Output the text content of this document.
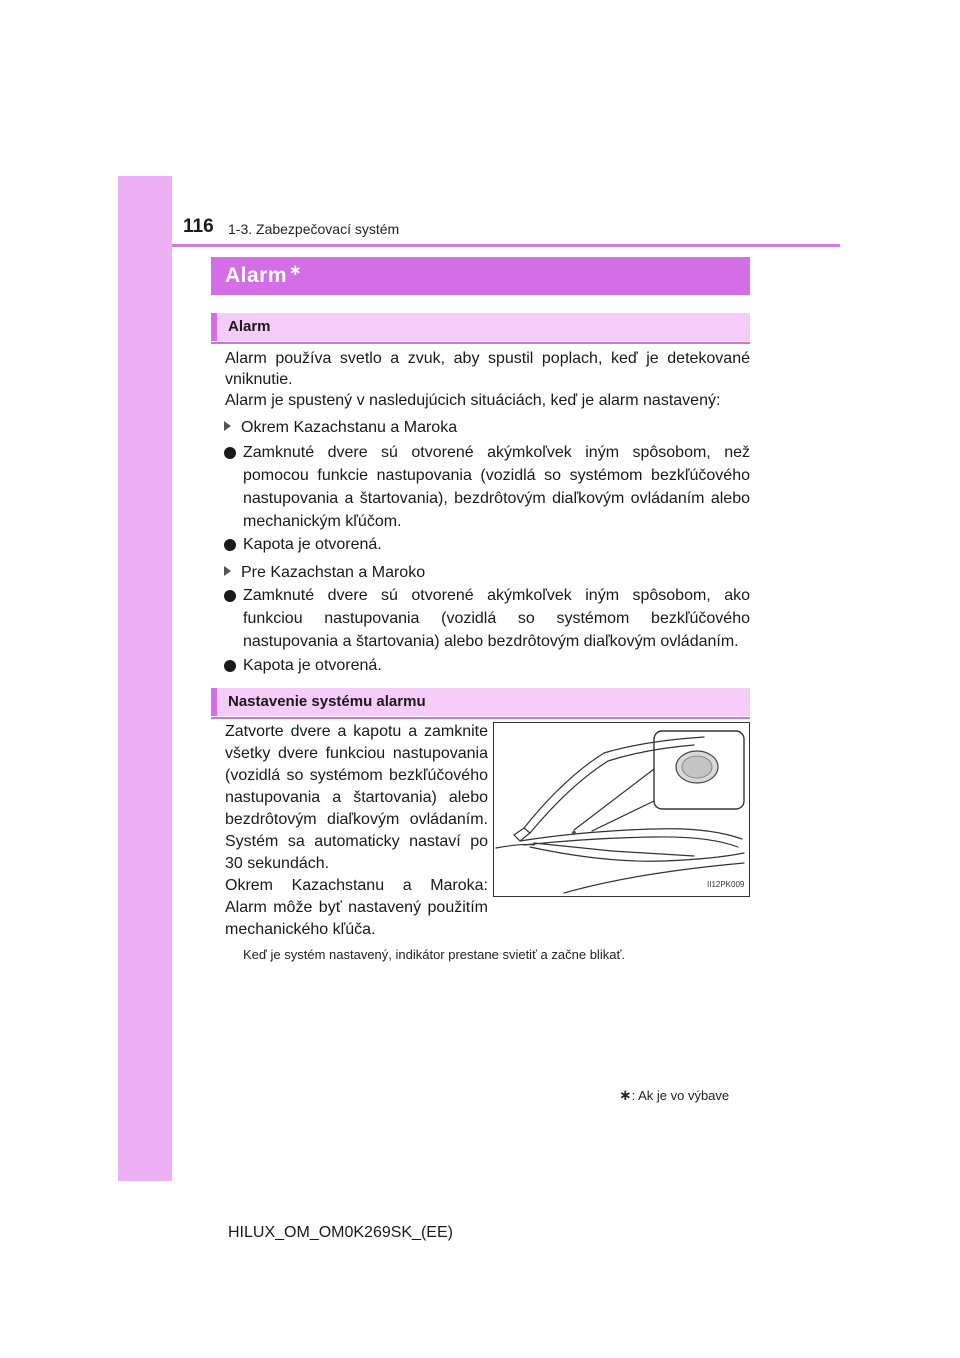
116 1-3. Zabezpečovací systém
Alarm ∗
Alarm
Alarm používa svetlo a zvuk, aby spustil poplach, keď je detekované vniknutie.
Alarm je spustený v nasledujúcich situáciách, keď je alarm nastavený:
Okrem Kazachstanu a Maroka
Zamknuté dvere sú otvorené akýmkoľvek iným spôsobom, než pomocou funkcie nastupovania (vozidlá so systémom bezkľúčového nastupovania a štartovania), bezdrôtovým diaľkovým ovládaním alebo mechanickým kľúčom.
Kapota je otvorená.
Pre Kazachstan a Maroko
Zamknuté dvere sú otvorené akýmkoľvek iným spôsobom, ako funkciou nastupovania (vozidlá so systémom bezkľúčového nastupovania a štartovania) alebo bezdrôtovým diaľkovým ovládaním.
Kapota je otvorená.
Nastavenie systému alarmu
Zatvorte dvere a kapotu a zamknite všetky dvere funkciou nastupovania (vozidlá so systémom bezkľúčového nastupovania a štartovania) alebo bezdrôtovým diaľkovým ovládaním. Systém sa automaticky nastaví po 30 sekundách.
Okrem Kazachstanu a Maroka: Alarm môže byť nastavený použitím mechanického kľúča.
II12PK009
Keď je systém nastavený, indikátor prestane svietiť a začne blikať.
∗: Ak je vo výbave
HILUX_OM_OM0K269SK_(EE)
